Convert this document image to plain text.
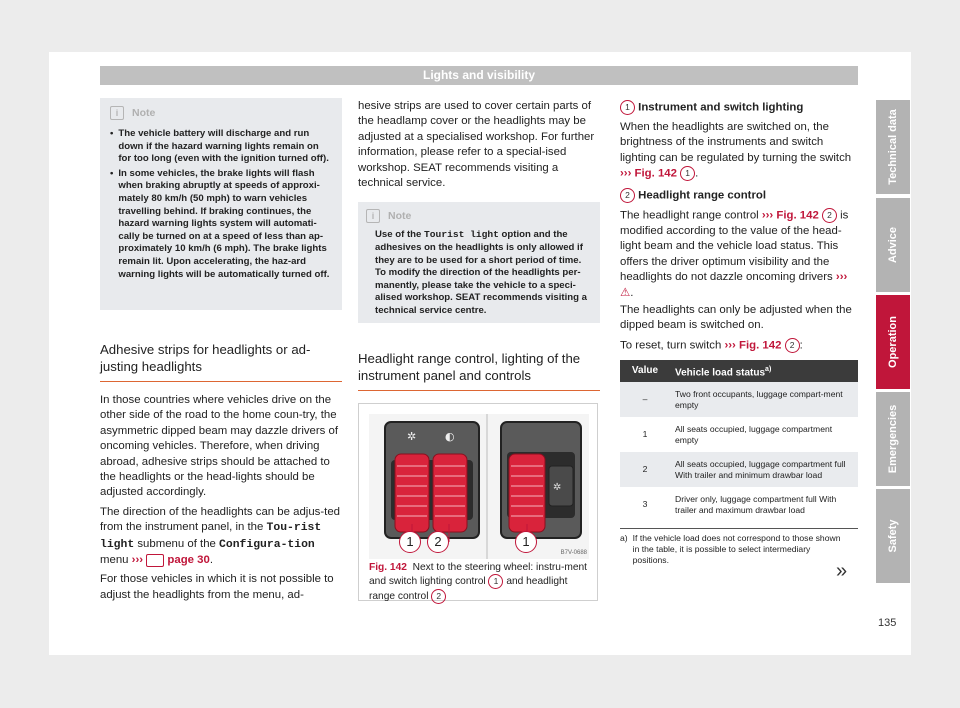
Lights and visibility
i	Note
• The vehicle battery will discharge and run down if the hazard warning lights remain on for too long (even with the ignition turned off).
• In some vehicles, the brake lights will flash when braking abruptly at speeds of approxi-mately 80 km/h (50 mph) to warn vehicles travelling behind. If braking continues, the hazard warning lights system will automati-cally be turned on at a speed of less than ap-proximately 10 km/h (6 mph). The brake lights remain lit. Upon accelerating, the haz-ard warning lights will be automatically turned off.
Adhesive strips for headlights or ad-justing headlights

In those countries where vehicles drive on the other side of the road to the home coun-try, the asymmetric dipped beam may dazzle drivers of oncoming vehicles. Therefore, when driving abroad, adhesive strips should be attached to the headlights or the head-lights should be adjusted accordingly.

The direction of the headlights can be adjus-ted from the instrument panel, in the Tou-rist light submenu of the Configura-tion menu ›››  page 30.

For those vehicles in which it is not possible to adjust the headlights from the menu, ad-

hesive strips are used to cover certain parts of the headlamp cover or the headlights may be adjusted at a specialised workshop. For further information, please refer to a special-ised workshop. SEAT recommends visiting a technical service.

i	Note

Use of the Tourist light option and the adhesives on the headlights is only allowed if they are to be used for a short period of time. To modify the direction of the headlights per-manently, please take the vehicle to a speci-alised workshop. SEAT recommends visiting a technical service centre.

Headlight range control, lighting of the instrument panel and controls
✲	◐
✲
1	2	1
B7V-0688
Fig. 142 Next to the steering wheel: instru-ment and switch lighting control 1 and headlight range control 2

1 Instrument and switch lighting

When the headlights are switched on, the brightness of the instruments and switch lighting can be regulated by turning the switch ››› Fig. 142 1 .

2 Headlight range control

The headlight range control ››› Fig. 142 2 is modified according to the value of the head-light beam and the vehicle load status. This offers the driver optimum visibility and the headlights do not dazzle oncoming drivers ››› ⚠.

The headlights can only be adjusted when the dipped beam is switched on.

To reset, turn switch ››› Fig. 142 2 :

Value	Vehicle load status$^{a)}$
–	Two front occupants, luggage compart-ment empty
1	All seats occupied, luggage compartment empty
2	All seats occupied, luggage compartment full With trailer and minimum drawbar load
3	Driver only, luggage compartment full With trailer and maximum drawbar load
a) If the vehicle load does not correspond to those shown in the table, it is possible to select intermediary positions.	»
Technical data
Advice
Operation
Emergencies
Safety
135
